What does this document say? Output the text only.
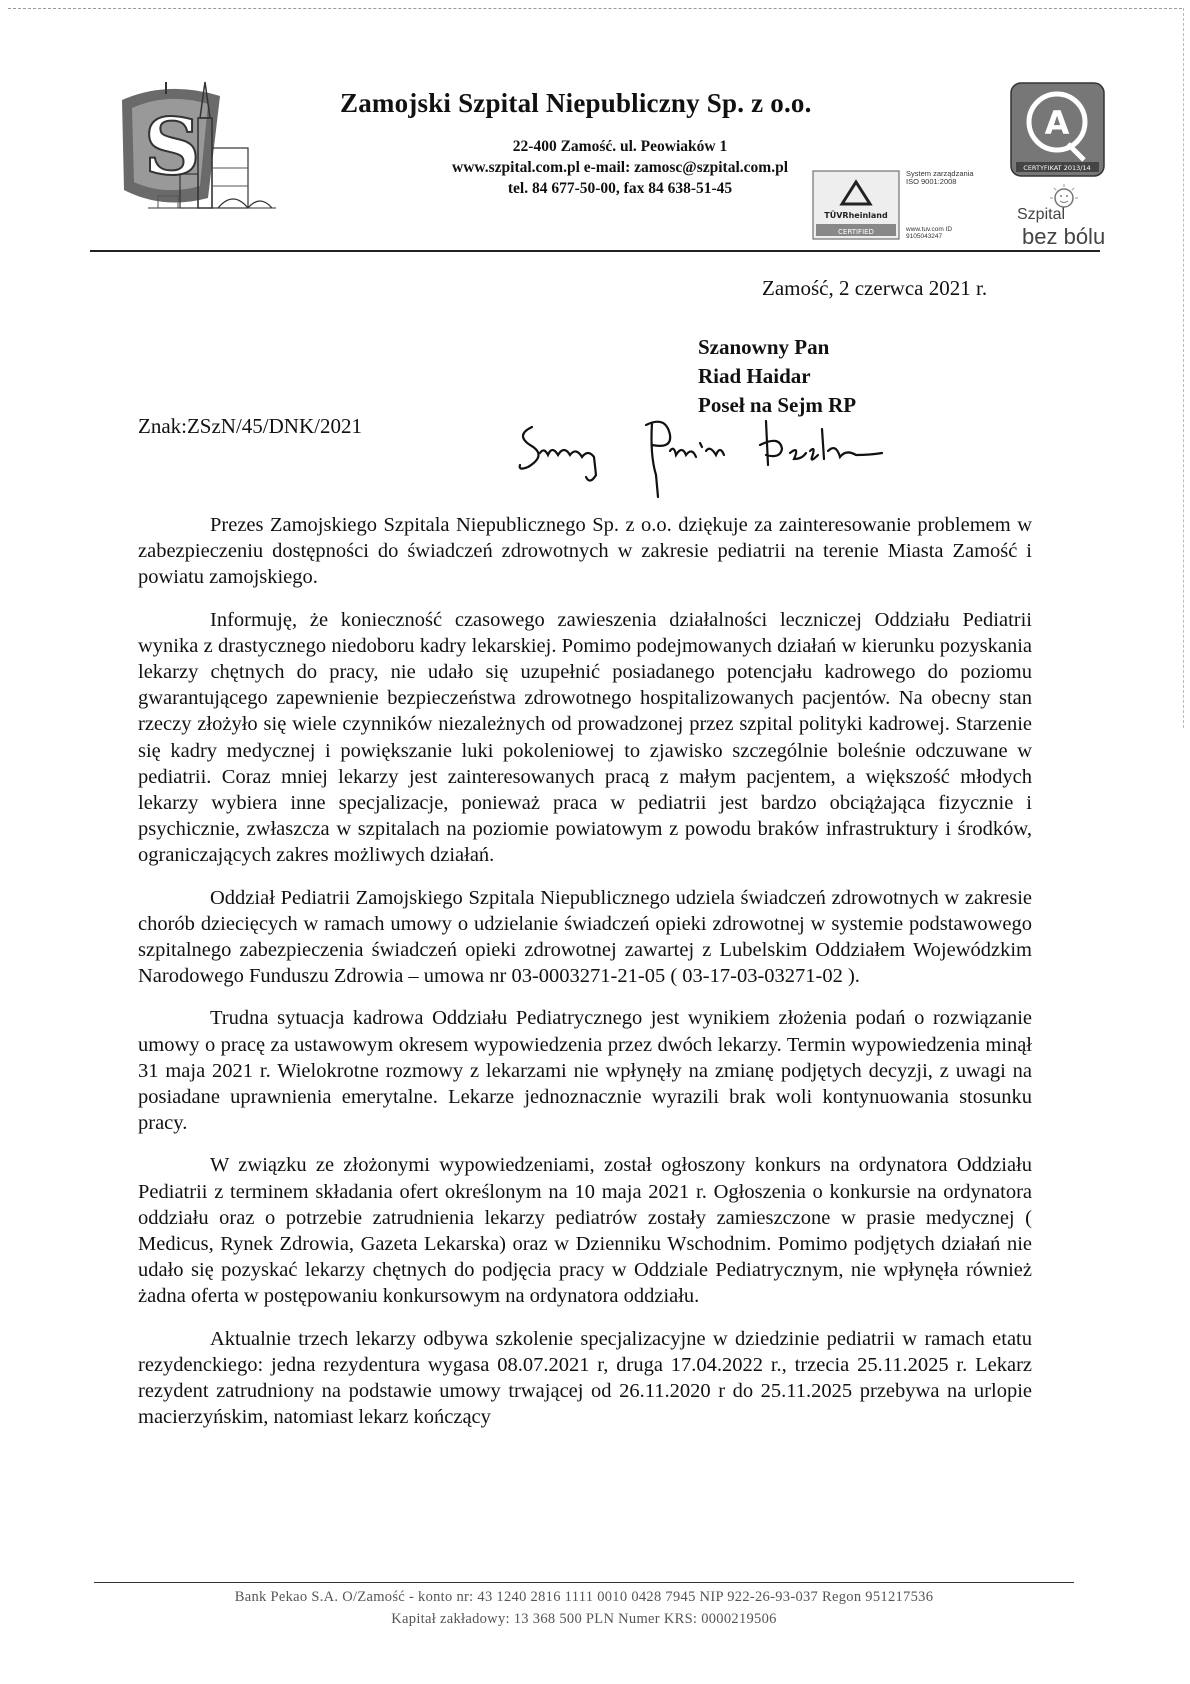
S	Zamojski Szpital Niepubliczny Sp. z o.o.
22-400 Zamość. ul. Peowiaków 1
www.szpital.com.pl e-mail: zamosc@szpital.com.pl
tel. 84 677-50-00, fax 84 638-51-45
TÜVRheinland
CERTIFIED
System zarządzania ISO 9001:2008
www.tuv.com ID 9105043247
A
CERTYFIKAT 2013/14
Szpital
bez bólu
Zamość, 2 czerwca 2021 r.
Szanowny Pan
Riad Haidar
Poseł na Sejm RP
Znak:ZSzN/45/DNK/2021

Prezes Zamojskiego Szpitala Niepublicznego Sp. z o.o. dziękuje za zainteresowanie problemem w zabezpieczeniu dostępności do świadczeń zdrowotnych w zakresie pediatrii na terenie Miasta Zamość i powiatu zamojskiego.

Informuję, że konieczność czasowego zawieszenia działalności leczniczej Oddziału Pediatrii wynika z drastycznego niedoboru kadry lekarskiej. Pomimo podejmowanych działań w kierunku pozyskania lekarzy chętnych do pracy, nie udało się uzupełnić posiadanego potencjału kadrowego do poziomu gwarantującego zapewnienie bezpieczeństwa zdrowotnego hospitalizowanych pacjentów. Na obecny stan rzeczy złożyło się wiele czynników niezależnych od prowadzonej przez szpital polityki kadrowej. Starzenie się kadry medycznej i powiększanie luki pokoleniowej to zjawisko szczególnie boleśnie odczuwane w pediatrii. Coraz mniej lekarzy jest zainteresowanych pracą z małym pacjentem, a większość młodych lekarzy wybiera inne specjalizacje, ponieważ praca w pediatrii jest bardzo obciążająca fizycznie i psychicznie, zwłaszcza w szpitalach na poziomie powiatowym z powodu braków infrastruktury i środków, ograniczających zakres możliwych działań.

Oddział Pediatrii Zamojskiego Szpitala Niepublicznego udziela świadczeń zdrowotnych w zakresie chorób dziecięcych w ramach umowy o udzielanie świadczeń opieki zdrowotnej w systemie podstawowego szpitalnego zabezpieczenia świadczeń opieki zdrowotnej zawartej z Lubelskim Oddziałem Wojewódzkim Narodowego Funduszu Zdrowia – umowa nr 03-0003271-21-05 ( 03-17-03-03271-02 ).

Trudna sytuacja kadrowa Oddziału Pediatrycznego jest wynikiem złożenia podań o rozwiązanie umowy o pracę za ustawowym okresem wypowiedzenia przez dwóch lekarzy. Termin wypowiedzenia minął 31 maja 2021 r. Wielokrotne rozmowy z lekarzami nie wpłynęły na zmianę podjętych decyzji, z uwagi na posiadane uprawnienia emerytalne. Lekarze jednoznacznie wyrazili brak woli kontynuowania stosunku pracy.

W związku ze złożonymi wypowiedzeniami, został ogłoszony konkurs na ordynatora Oddziału Pediatrii z terminem składania ofert określonym na 10 maja 2021 r. Ogłoszenia o konkursie na ordynatora oddziału oraz o potrzebie zatrudnienia lekarzy pediatrów zostały zamieszczone w prasie medycznej ( Medicus, Rynek Zdrowia, Gazeta Lekarska) oraz w Dzienniku Wschodnim. Pomimo podjętych działań nie udało się pozyskać lekarzy chętnych do podjęcia pracy w Oddziale Pediatrycznym, nie wpłynęła również żadna oferta w postępowaniu konkursowym na ordynatora oddziału.

Aktualnie trzech lekarzy odbywa szkolenie specjalizacyjne w dziedzinie pediatrii w ramach etatu rezydenckiego: jedna rezydentura wygasa 08.07.2021 r, druga 17.04.2022 r., trzecia 25.11.2025 r. Lekarz rezydent zatrudniony na podstawie umowy trwającej od 26.11.2020 r do 25.11.2025 przebywa na urlopie macierzyńskim, natomiast lekarz kończący

Bank Pekao S.A. O/Zamość - konto nr: 43 1240 2816 1111 0010 0428 7945 NIP 922-26-93-037 Regon 951217536
Kapitał zakładowy: 13 368 500 PLN Numer KRS: 0000219506
